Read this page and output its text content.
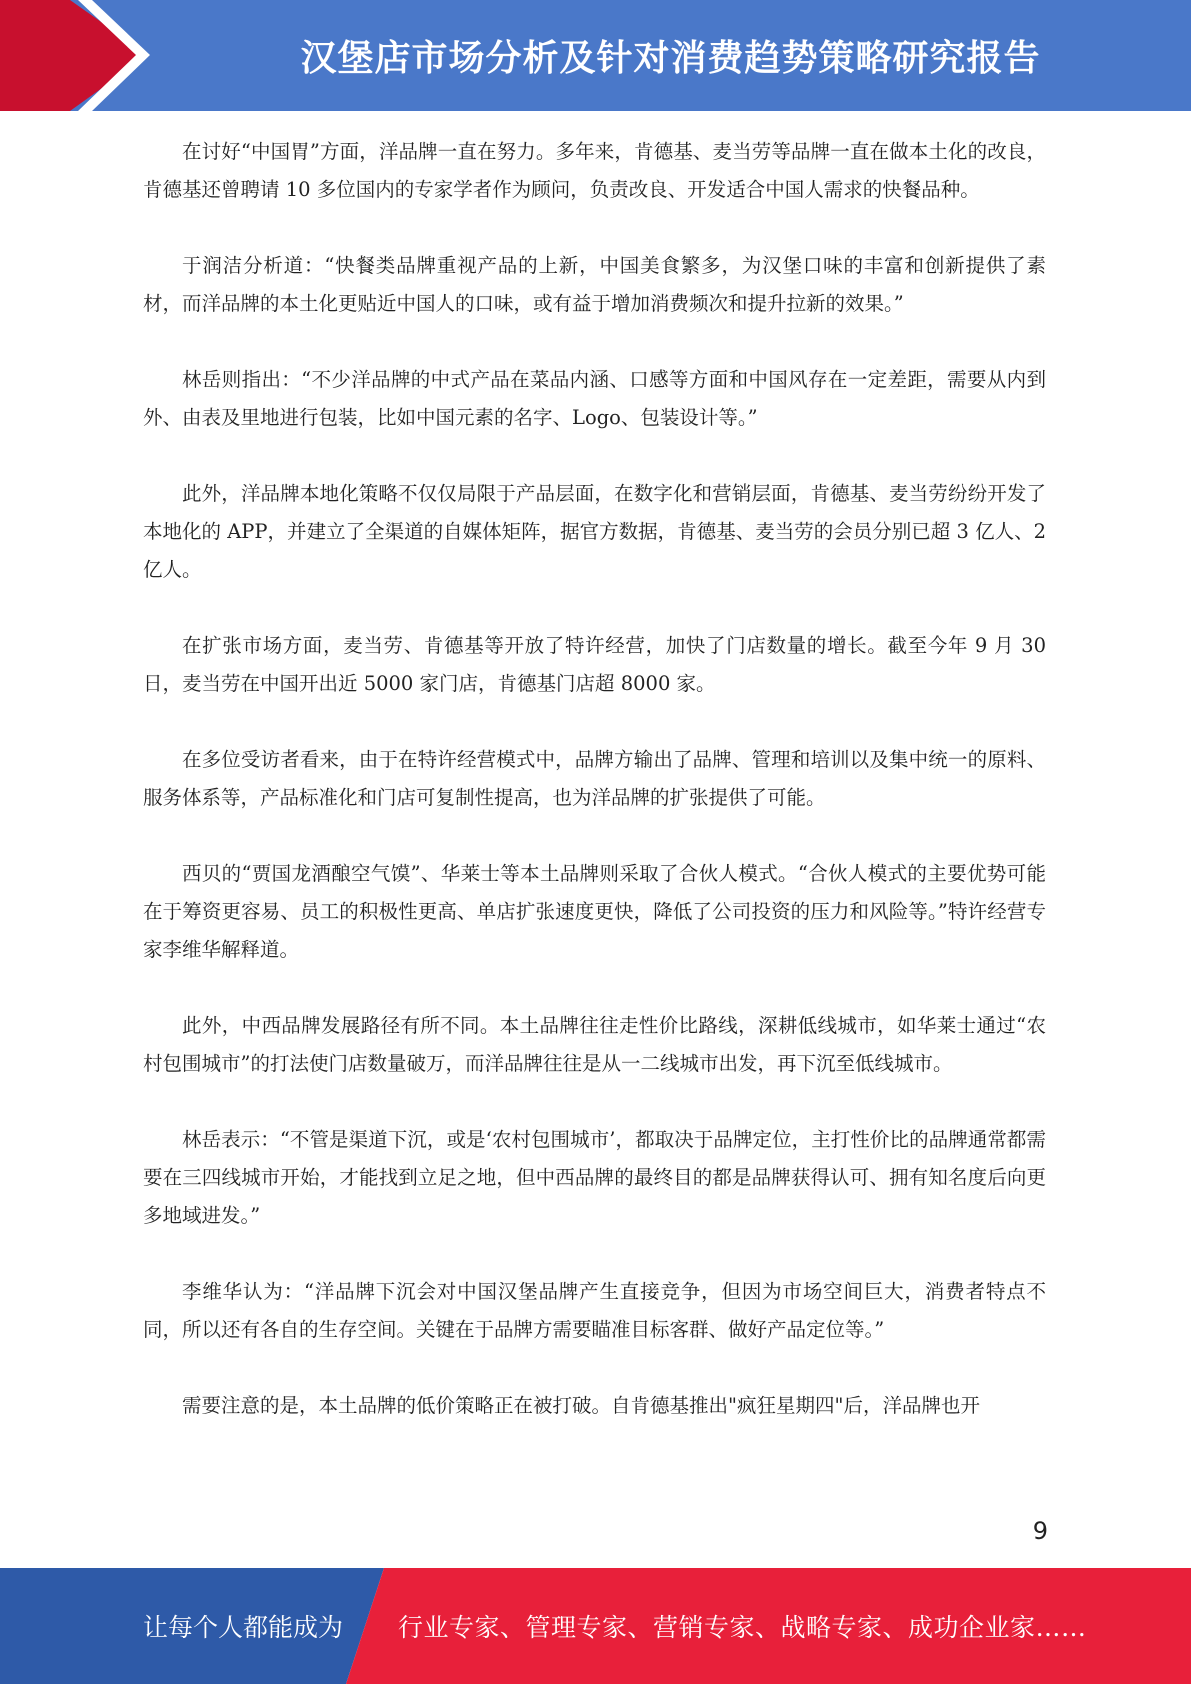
汉堡店市场分析及针对消费趋势策略研究报告

在讨好“中国胃”方面，洋品牌一直在努力。多年来，肯德基、麦当劳等品牌一直在做本土化的改良，肯德基还曾聘请 10 多位国内的专家学者作为顾问，负责改良、开发适合中国人需求的快餐品种。

于润洁分析道：“快餐类品牌重视产品的上新，中国美食繁多，为汉堡口味的丰富和创新提供了素材，而洋品牌的本土化更贴近中国人的口味，或有益于增加消费频次和提升拉新的效果。”

林岳则指出：“不少洋品牌的中式产品在菜品内涵、口感等方面和中国风存在一定差距，需要从内到外、由表及里地进行包装，比如中国元素的名字、Logo、包装设计等。”

此外，洋品牌本地化策略不仅仅局限于产品层面，在数字化和营销层面，肯德基、麦当劳纷纷开发了本地化的 APP，并建立了全渠道的自媒体矩阵，据官方数据，肯德基、麦当劳的会员分别已超 3 亿人、2 亿人。

在扩张市场方面，麦当劳、肯德基等开放了特许经营，加快了门店数量的增长。截至今年 9 月 30 日，麦当劳在中国开出近 5000 家门店，肯德基门店超 8000 家。

在多位受访者看来，由于在特许经营模式中，品牌方输出了品牌、管理和培训以及集中统一的原料、服务体系等，产品标准化和门店可复制性提高，也为洋品牌的扩张提供了可能。

西贝的“贾国龙酒酿空气馍”、华莱士等本土品牌则采取了合伙人模式。“合伙人模式的主要优势可能在于筹资更容易、员工的积极性更高、单店扩张速度更快，降低了公司投资的压力和风险等。”特许经营专家李维华解释道。

此外，中西品牌发展路径有所不同。本土品牌往往走性价比路线，深耕低线城市，如华莱士通过“农村包围城市”的打法使门店数量破万，而洋品牌往往是从一二线城市出发，再下沉至低线城市。

林岳表示：“不管是渠道下沉，或是‘农村包围城市’，都取决于品牌定位，主打性价比的品牌通常都需要在三四线城市开始，才能找到立足之地，但中西品牌的最终目的都是品牌获得认可、拥有知名度后向更多地域进发。”

李维华认为：“洋品牌下沉会对中国汉堡品牌产生直接竞争，但因为市场空间巨大，消费者特点不同，所以还有各自的生存空间。关键在于品牌方需要瞄准目标客群、做好产品定位等。”

需要注意的是，本土品牌的低价策略正在被打破。自肯德基推出"疯狂星期四"后，洋品牌也开

9
让每个人都能成为 行业专家、管理专家、营销专家、战略专家、成功企业家……
